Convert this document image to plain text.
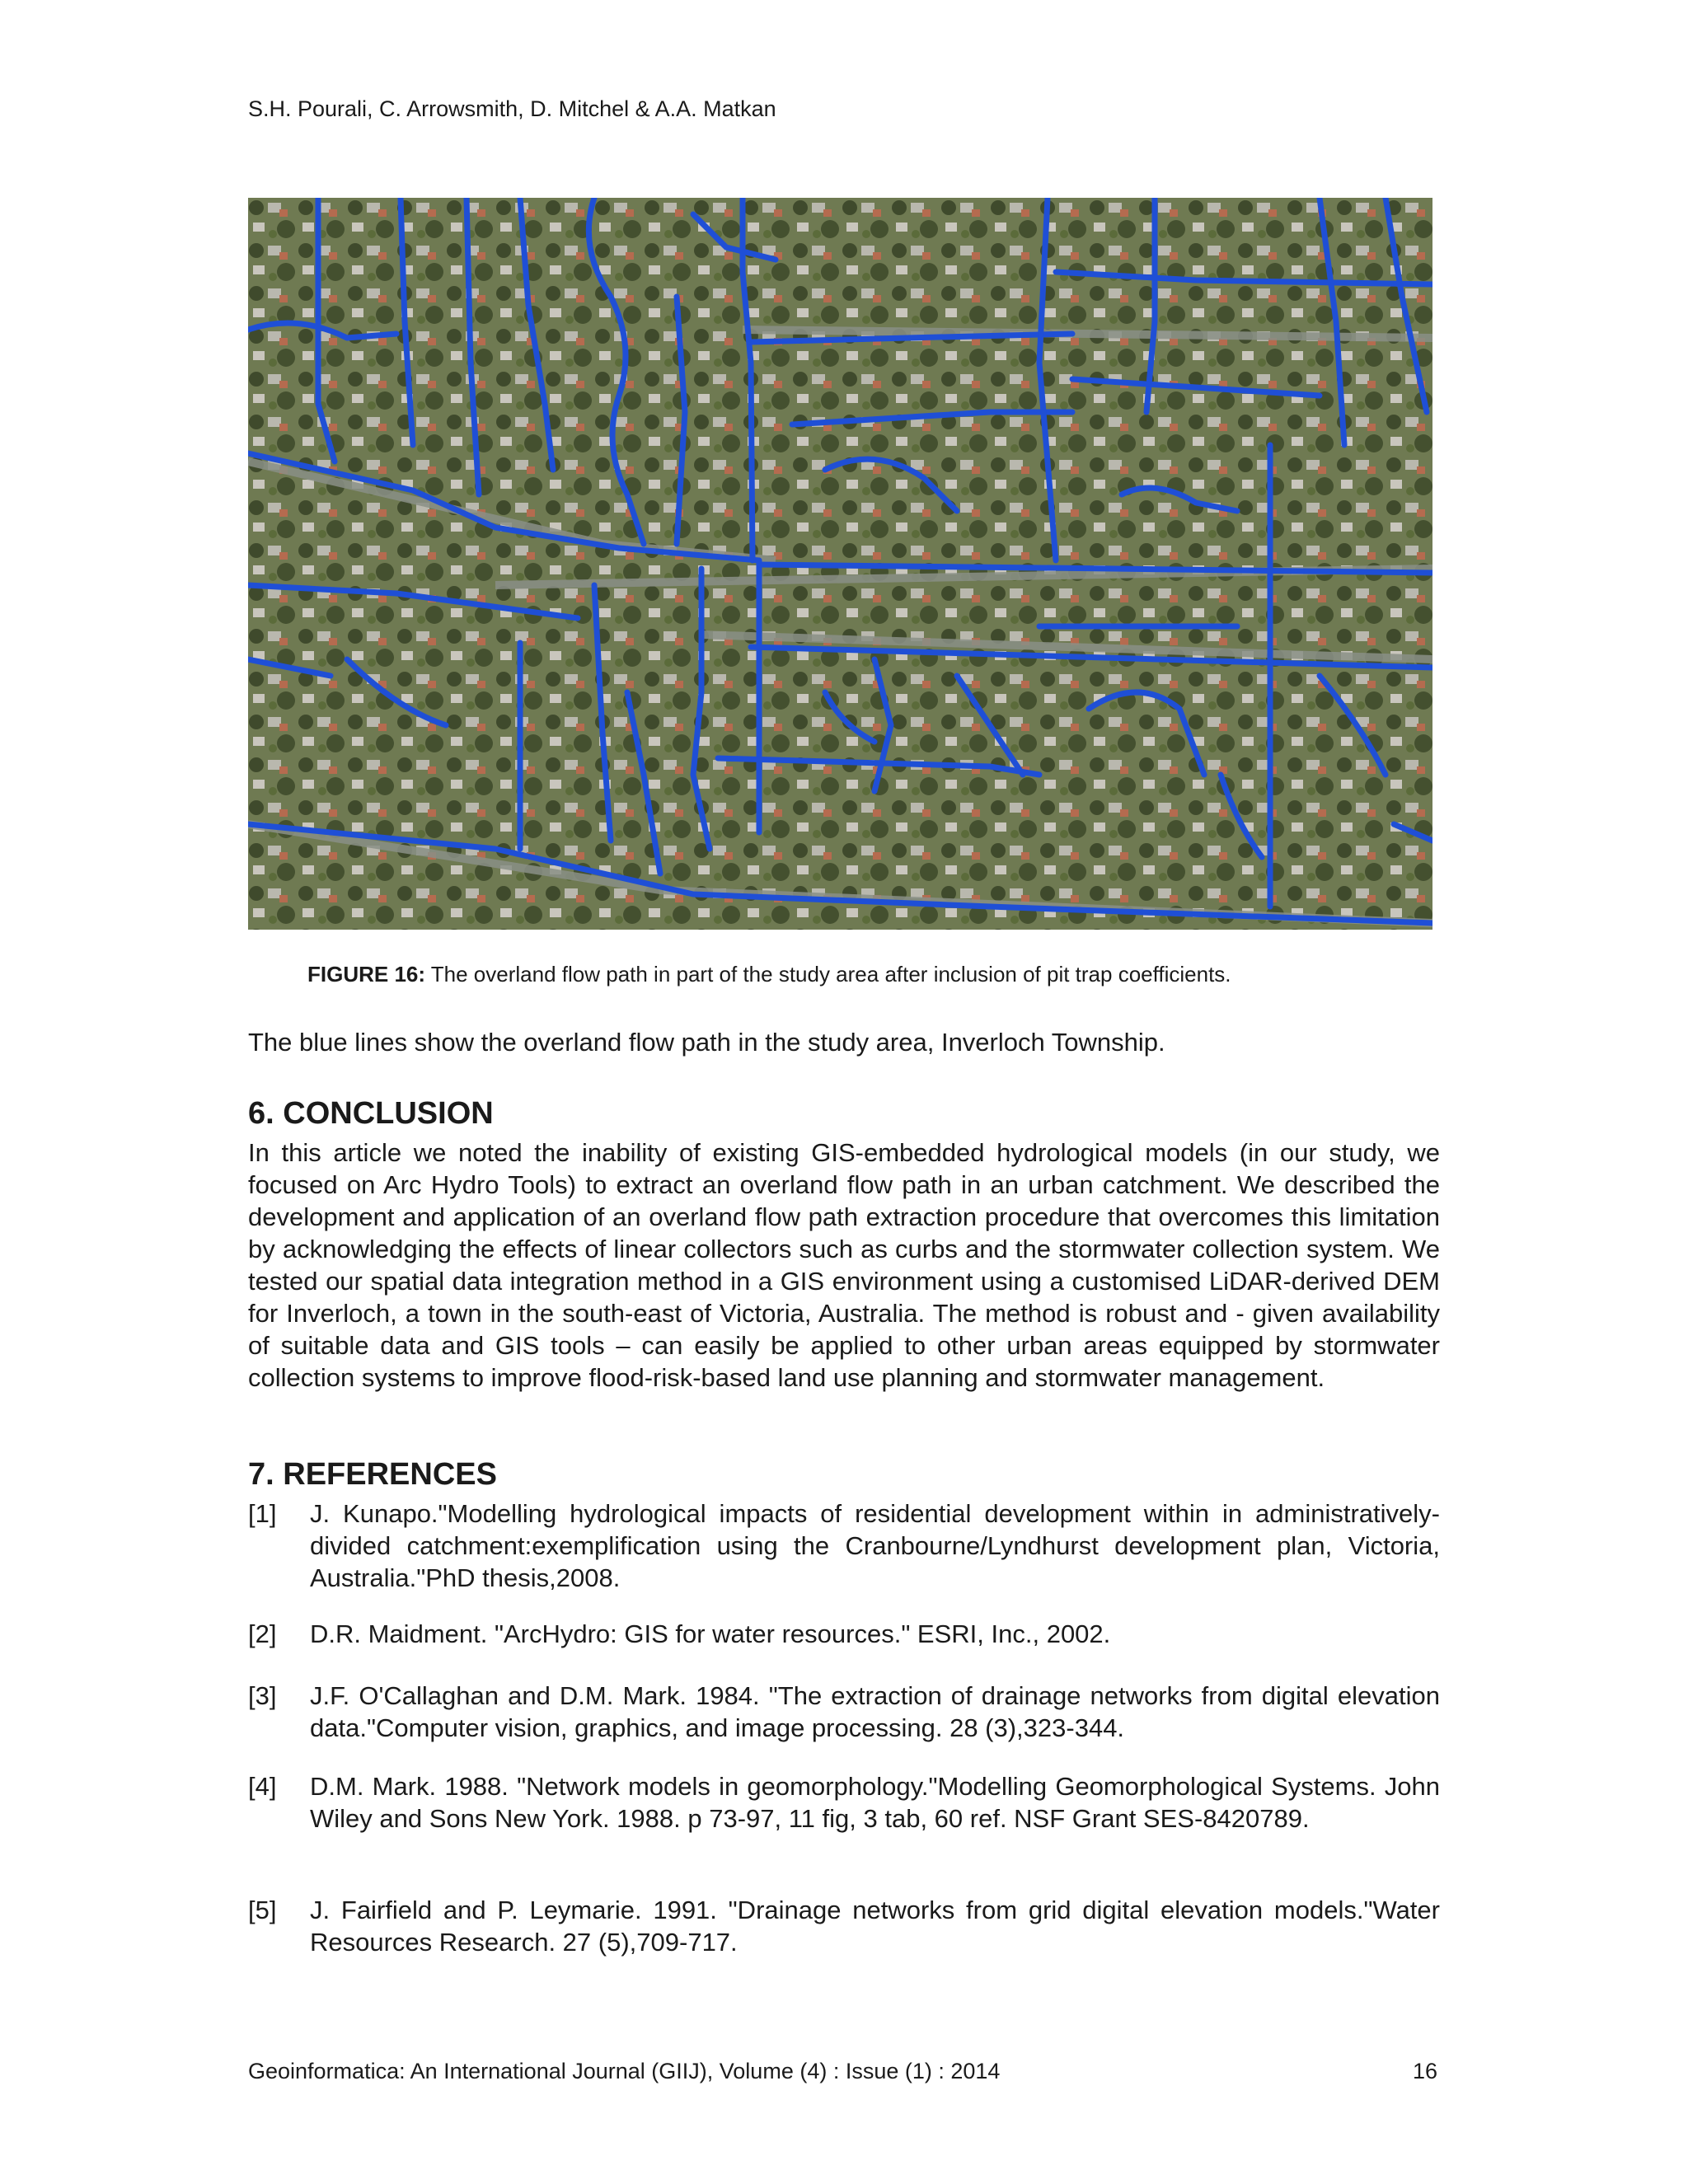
S.H. Pourali, C. Arrowsmith, D. Mitchel & A.A. Matkan
FIGURE 16: The overland flow path in part of the study area after inclusion of pit trap coefficients.
The blue lines show the overland flow path in the study area, Inverloch Township.
6. CONCLUSION
In this article we noted the inability of existing GIS-embedded hydrological models (in our study, we focused on Arc Hydro Tools) to extract an overland flow path in an urban catchment. We described the development and application of an overland flow path extraction procedure that overcomes this limitation by acknowledging the effects of linear collectors such as curbs and the stormwater collection system. We tested our spatial data integration method in a GIS environment using a customised LiDAR-derived DEM for Inverloch, a town in the south-east of Victoria, Australia. The method is robust and - given availability of suitable data and GIS tools – can easily be applied to other urban areas equipped by stormwater collection systems to improve flood-risk-based land use planning and stormwater management.
7. REFERENCES
[1] J. Kunapo."Modelling hydrological impacts of residential development within in administratively-divided catchment:exemplification using the Cranbourne/Lyndhurst development plan, Victoria, Australia."PhD thesis,2008.
[2] D.R. Maidment. "ArcHydro: GIS for water resources." ESRI, Inc., 2002.
[3] J.F. O'Callaghan and D.M. Mark. 1984. "The extraction of drainage networks from digital elevation data."Computer vision, graphics, and image processing. 28 (3),323-344.
[4] D.M. Mark. 1988. "Network models in geomorphology."Modelling Geomorphological Systems. John Wiley and Sons New York. 1988. p 73-97, 11 fig, 3 tab, 60 ref. NSF Grant SES-8420789.
[5] J. Fairfield and P. Leymarie. 1991. "Drainage networks from grid digital elevation models."Water Resources Research. 27 (5),709-717.
Geoinformatica: An International Journal (GIIJ), Volume (4) : Issue (1) : 2014	16
